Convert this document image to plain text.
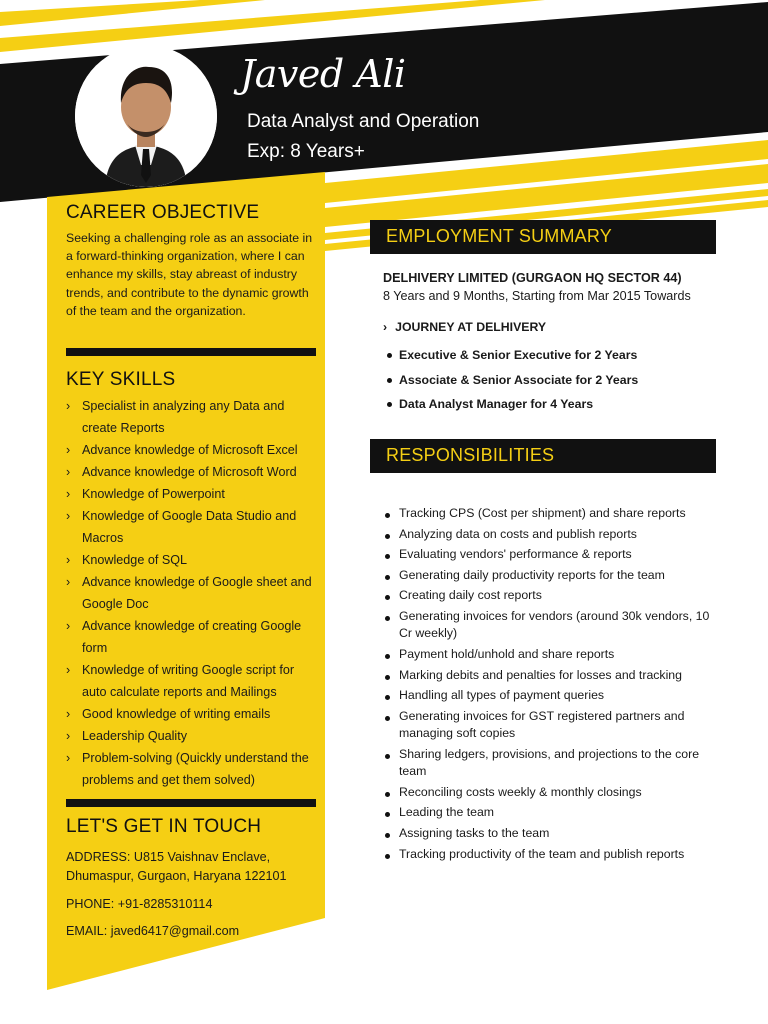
Javed Ali
Data Analyst and Operation
Exp: 8 Years+
CAREER OBJECTIVE

Seeking a challenging role as an associate in a forward-thinking organization, where I can enhance my skills, stay abreast of industry trends, and contribute to the dynamic growth of the team and the organization.

KEY SKILLS
› Specialist in analyzing any Data and create Reports
› Advance knowledge of Microsoft Excel
› Advance knowledge of Microsoft Word
› Knowledge of Powerpoint
› Knowledge of Google Data Studio and Macros
› Knowledge of SQL
› Advance knowledge of Google sheet and Google Doc
› Advance knowledge of creating Google form
› Knowledge of writing Google script for auto calculate reports and Mailings
› Good knowledge of writing emails
› Leadership Quality
› Problem-solving (Quickly understand the problems and get them solved)
LET'S GET IN TOUCH

ADDRESS: U815 Vaishnav Enclave, Dhumaspur, Gurgaon, Haryana 122101

PHONE: +91-8285310114

EMAIL: javed6417@gmail.com

EMPLOYMENT SUMMARY
DELHIVERY LIMITED (GURGAON HQ SECTOR 44)
8 Years and 9 Months, Starting from Mar 2015 Towards
› JOURNEY AT DELHIVERY
Executive & Senior Executive for 2 Years
Associate & Senior Associate for 2 Years
Data Analyst Manager for 4 Years
RESPONSIBILITIES
Tracking CPS (Cost per shipment) and share reports
Analyzing data on costs and publish reports
Evaluating vendors' performance & reports
Generating daily productivity reports for the team
Creating daily cost reports
Generating invoices for vendors (around 30k vendors, 10 Cr weekly)
Payment hold/unhold and share reports
Marking debits and penalties for losses and tracking
Handling all types of payment queries
Generating invoices for GST registered partners and managing soft copies
Sharing ledgers, provisions, and projections to the core team
Reconciling costs weekly & monthly closings
Leading the team
Assigning tasks to the team
Tracking productivity of the team and publish reports
